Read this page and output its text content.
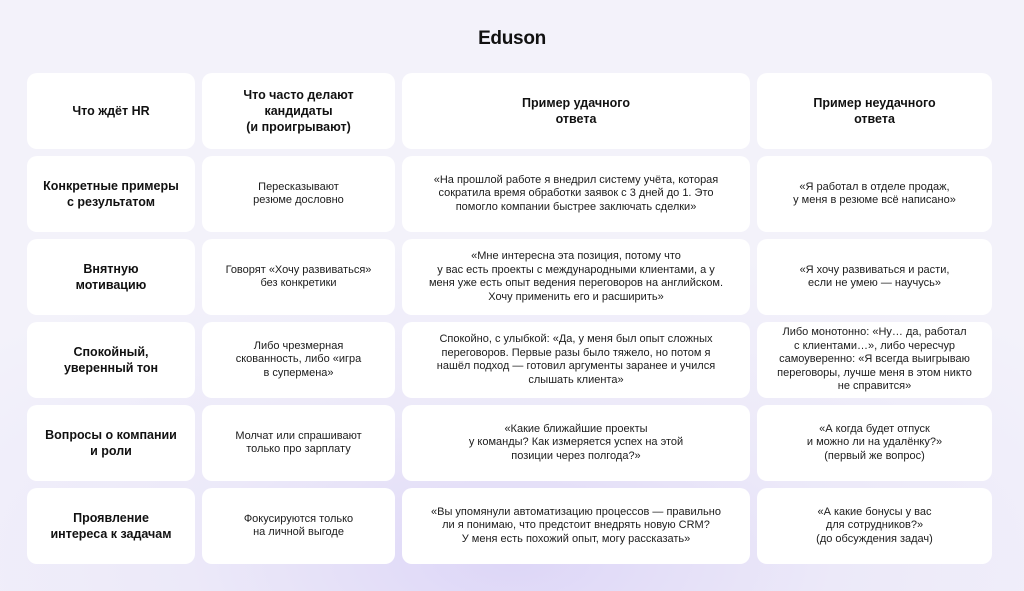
Eduson
Что ждёт HR
Что часто делают
кандидаты
(и проигрывают)
Пример удачного
ответа
Пример неудачного
ответа
Конкретные примеры
с результатом
Пересказывают
резюме дословно
«На прошлой работе я внедрил систему учёта, которая
сократила время обработки заявок с 3 дней до 1. Это
помогло компании быстрее заключать сделки»
«Я работал в отделе продаж,
у меня в резюме всё написано»
Внятную
мотивацию
Говорят «Хочу развиваться»
без конкретики
«Мне интересна эта позиция, потому что
у вас есть проекты с международными клиентами, а у
меня уже есть опыт ведения переговоров на английском.
Хочу применить его и расширить»
«Я хочу развиваться и расти,
если не умею — научусь»
Спокойный,
уверенный тон
Либо чрезмерная
скованность, либо «игра
в супермена»
Спокойно, с улыбкой: «Да, у меня был опыт сложных
переговоров. Первые разы было тяжело, но потом я
нашёл подход — готовил аргументы заранее и учился
слышать клиента»
Либо монотонно: «Ну… да, работал
с клиентами…», либо чересчур
самоуверенно: «Я всегда выигрываю
переговоры, лучше меня в этом никто
не справится»
Вопросы о компании
и роли
Молчат или спрашивают
только про зарплату
«Какие ближайшие проекты
у команды? Как измеряется успех на этой
позиции через полгода?»
«А когда будет отпуск
и можно ли на удалёнку?»
(первый же вопрос)
Проявление
интереса к задачам
Фокусируются только
на личной выгоде
«Вы упомянули автоматизацию процессов — правильно
ли я понимаю, что предстоит внедрять новую CRM?
У меня есть похожий опыт, могу рассказать»
«А какие бонусы у вас
для сотрудников?»
(до обсуждения задач)
